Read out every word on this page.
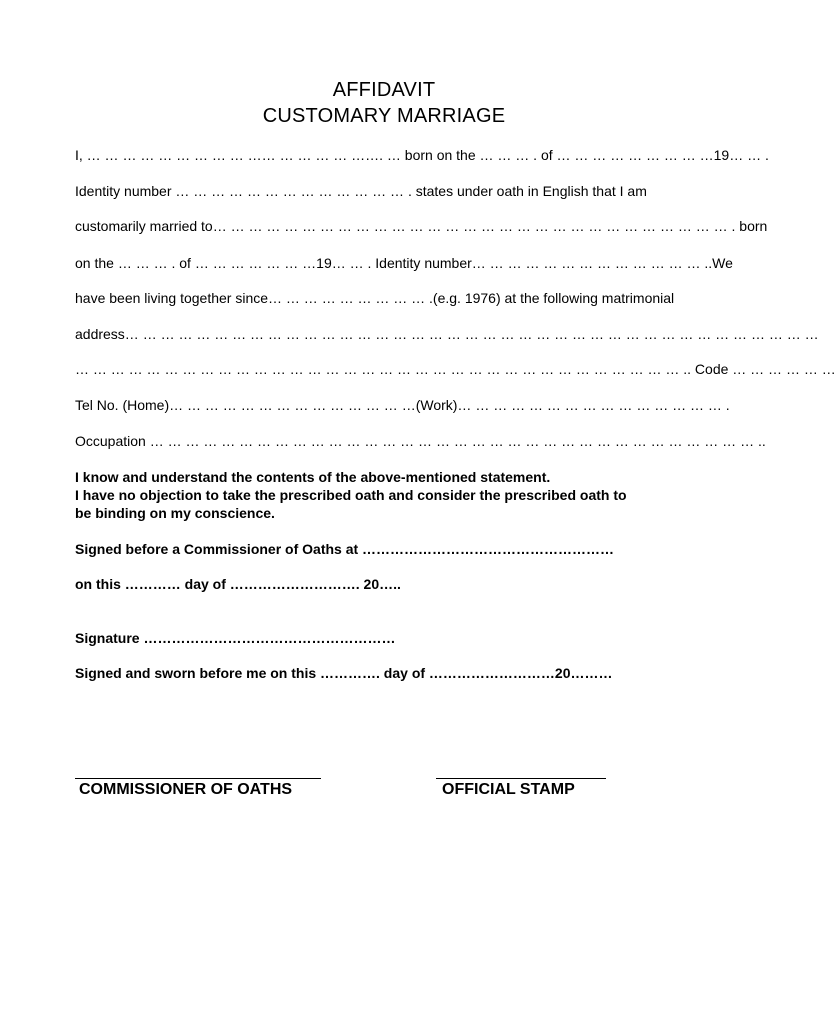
AFFIDAVIT
CUSTOMARY MARRIAGE
I, … … … … … … … … … …… … … … … ……. … born on the … … … . of … … … … … … … … …19… … .
Identity number … … … … … … … … … … … … … . states under oath in English that I am
customarily married to… … … … … … … … … … … … … … … … … … … … … … … … … … … … … . born
on the … … … . of … … … … … … …19… … . Identity number… … … … … … … … … … … … … ..We
have been living together since… … … … … … … … … .(e.g. 1976) at the following matrimonial
address… … … … … … … … … … … … … … … … … … … … … … … … … … … … … … … … … … … … … … …
… … … … … … … … … … … … … … … … … … … … … … … … … … … … … … … … … … .. Code … … … … … …
Tel No. (Home)… … … … … … … … … … … … … …(Work)… … … … … … … … … … … … … … … .
Occupation … … … … … … … … … … … … … … … … … … … … … … … … … … … … … … … … … … ..
I know and understand the contents of the above-mentioned statement.
I have no objection to take the prescribed oath and consider the prescribed oath to
be binding on my conscience.
Signed before a Commissioner of Oaths at ………………………………………………
on this ………… day of ………………………. 20…..
Signature ………………………………………………
Signed and sworn before me on this …………. day of ………………………20………
COMMISSIONER OF OATHS	OFFICIAL STAMP
